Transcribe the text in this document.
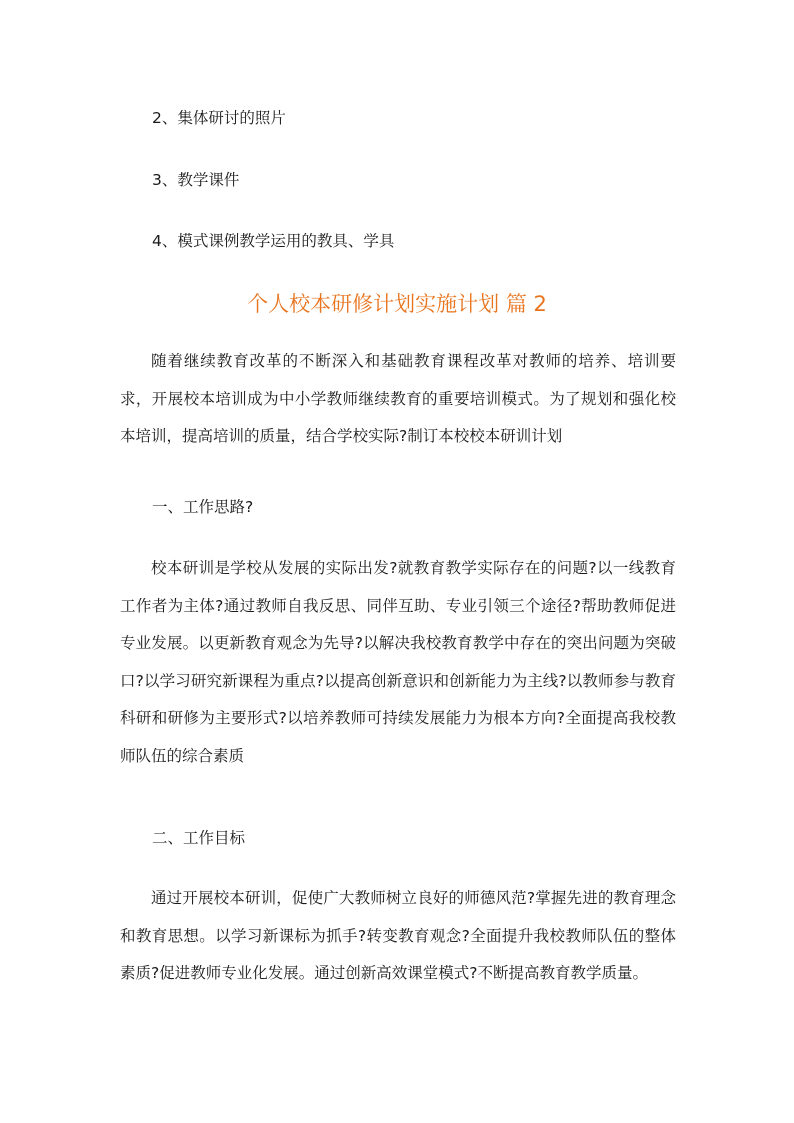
2、集体研讨的照片
3、教学课件
4、模式课例教学运用的教具、学具
个人校本研修计划实施计划 篇 2
随着继续教育改革的不断深入和基础教育课程改革对教师的培养、培训要求，开展校本培训成为中小学教师继续教育的重要培训模式。为了规划和强化校本培训，提高培训的质量，结合学校实际?制订本校校本研训计划
一、工作思路?
校本研训是学校从发展的实际出发?就教育教学实际存在的问题?以一线教育工作者为主体?通过教师自我反思、同伴互助、专业引领三个途径?帮助教师促进专业发展。以更新教育观念为先导?以解决我校教育教学中存在的突出问题为突破口?以学习研究新课程为重点?以提高创新意识和创新能力为主线?以教师参与教育科研和研修为主要形式?以培养教师可持续发展能力为根本方向?全面提高我校教师队伍的综合素质
二、工作目标
通过开展校本研训，促使广大教师树立良好的师德风范?掌握先进的教育理念和教育思想。以学习新课标为抓手?转变教育观念?全面提升我校教师队伍的整体素质?促进教师专业化发展。通过创新高效课堂模式?不断提高教育教学质量。
